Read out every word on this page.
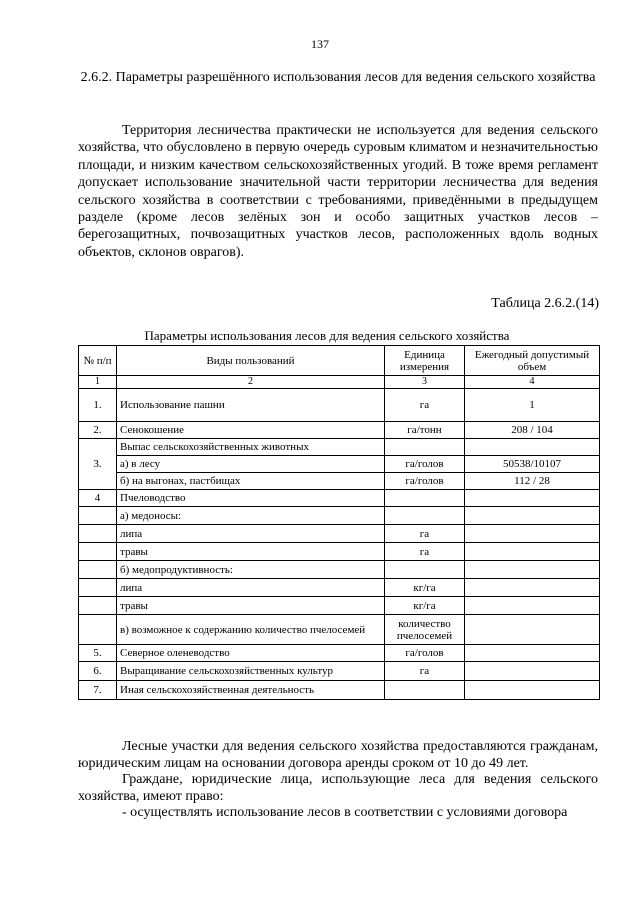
137
2.6.2. Параметры разрешённого использования лесов для ведения сельского хозяйства

Территория лесничества практически не используется для ведения сельского хозяйства, что обусловлено в первую очередь суровым климатом и незначительностью площади, и низким качеством сельскохозяйственных угодий. В тоже время регламент допускает использование значительной части территории лесничества для ведения сельского хозяйства в соответствии с требованиями, приведёнными в предыдущем разделе (кроме лесов зелёных зон и особо защитных участков лесов – берегозащитных, почвозащитных участков лесов, расположенных вдоль водных объектов, склонов оврагов).

Таблица 2.6.2.(14)
Параметры использования лесов для ведения сельского хозяйства
№ п/п	Виды пользований	Единица измерения	Ежегодный допустимый объем
1	2	3	4
1.	Использование пашни	га	1
2.	Сенокошение	га/тонн	208 / 104
3.	Выпас сельскохозяйственных животных		
	а) в лесу	га/голов	50538/10107
	б) на выгонах, пастбищах	га/голов	112 / 28
4	Пчеловодство		
	а) медоносы:		
	липа	га	
	травы	га	
	б) медопродуктивность:		
	липа	кг/га	
	травы	кг/га	
	в) возможное к содержанию количество пчелосемей	количество пчелосемей	
5.	Северное оленеводство	га/голов	
6.	Выращивание сельскохозяйственных культур	га	
7.	Иная сельскохозяйственная деятельность		

Лесные участки для ведения сельского хозяйства предоставляются гражданам, юридическим лицам на основании договора аренды сроком от 10 до 49 лет.

Граждане, юридические лица, использующие леса для ведения сельского хозяйства, имеют право:

- осуществлять использование лесов в соответствии с условиями договора
